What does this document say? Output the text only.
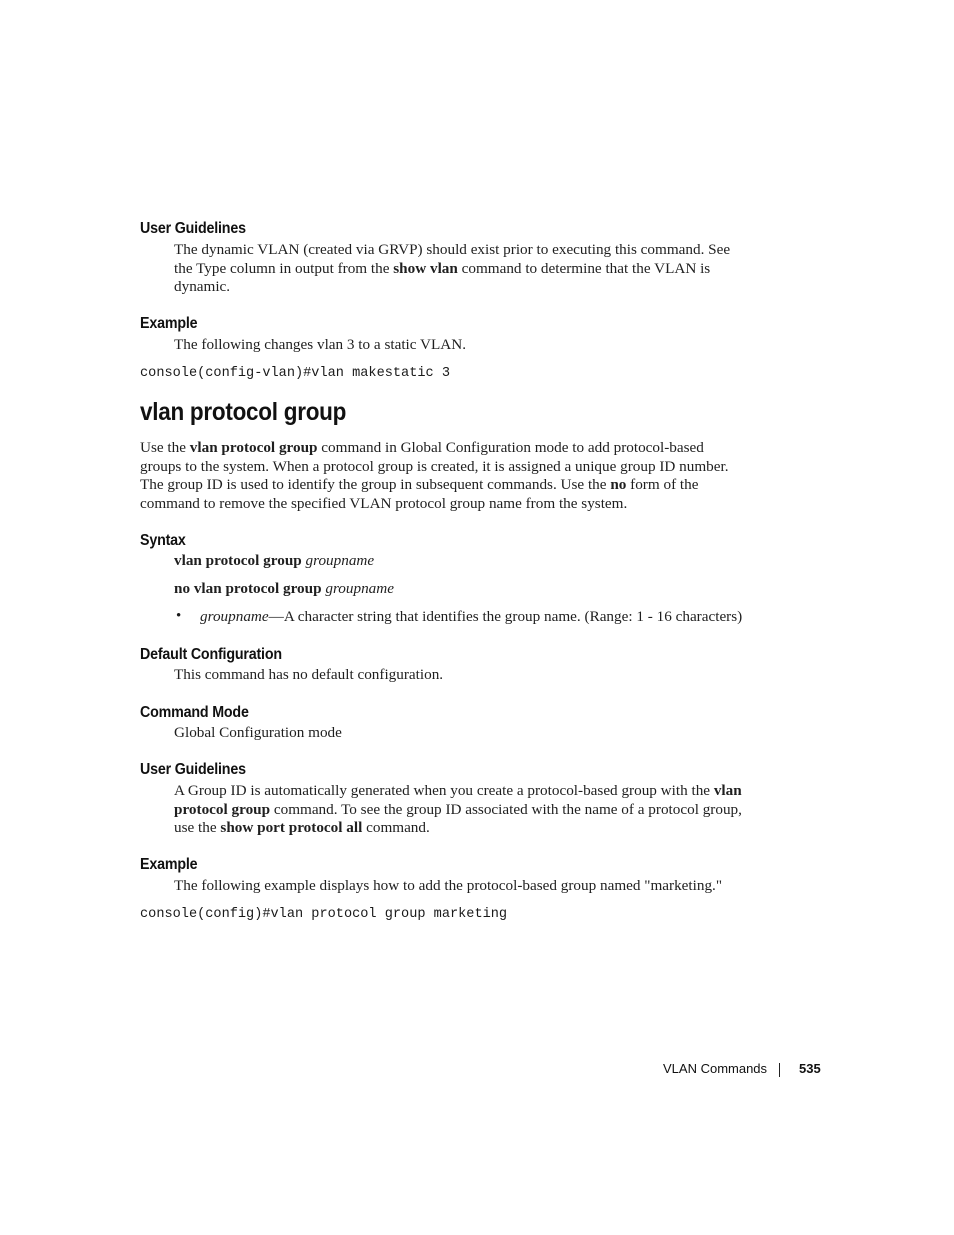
User Guidelines
The dynamic VLAN (created via GRVP) should exist prior to executing this command. See
the Type column in output from the show vlan command to determine that the VLAN is
dynamic.
Example
The following changes vlan 3 to a static VLAN.
console(config-vlan)#vlan makestatic 3
vlan protocol group
Use the vlan protocol group command in Global Configuration mode to add protocol-based
groups to the system. When a protocol group is created, it is assigned a unique group ID number.
The group ID is used to identify the group in subsequent commands. Use the no form of the
command to remove the specified VLAN protocol group name from the system.
Syntax
vlan protocol group groupname
no vlan protocol group groupname
• groupname—A character string that identifies the group name. (Range: 1 - 16 characters)
Default Configuration
This command has no default configuration.
Command Mode
Global Configuration mode
User Guidelines
A Group ID is automatically generated when you create a protocol-based group with the vlan
protocol group command. To see the group ID associated with the name of a protocol group,
use the show port protocol all command.
Example
The following example displays how to add the protocol-based group named "marketing."
console(config)#vlan protocol group marketing
VLAN Commands 535
